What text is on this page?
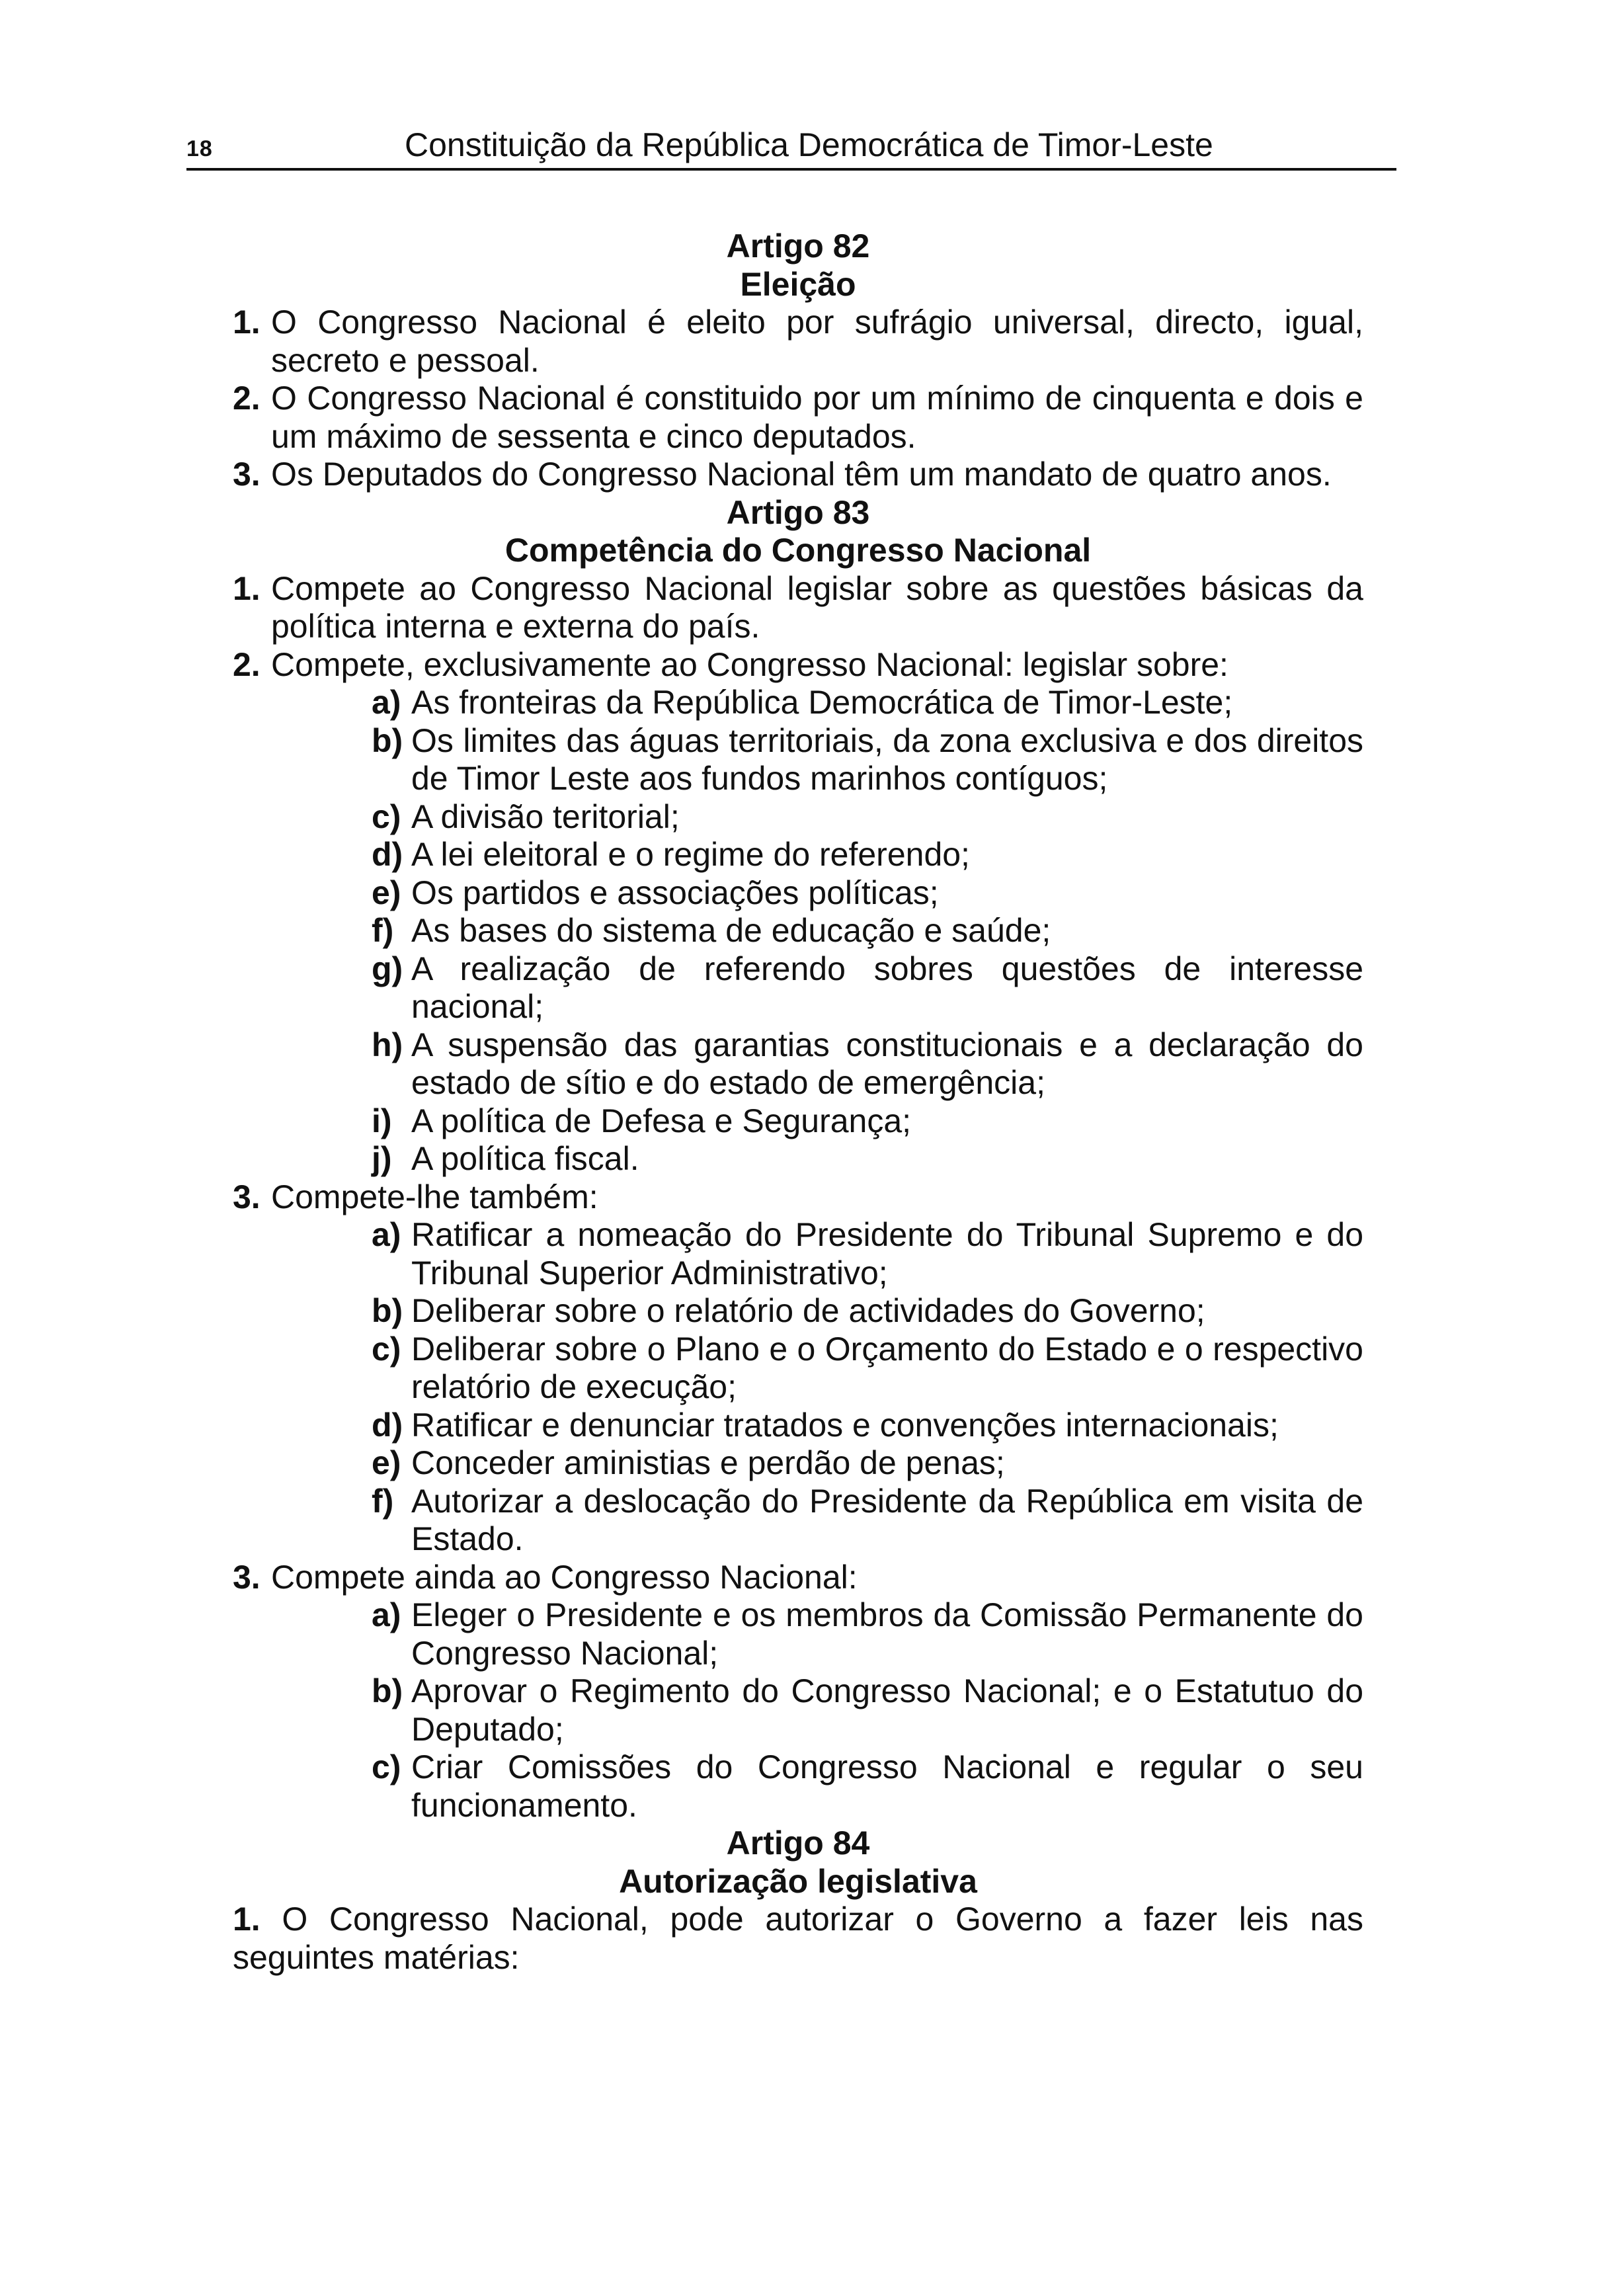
18	Constituição da República Democrática de Timor-Leste
Artigo 82
Eleição
1. O Congresso Nacional é eleito por sufrágio universal, directo, igual, secreto e pessoal.
2. O Congresso Nacional é constituido por um mínimo de cinquenta e dois e um máximo de sessenta e cinco deputados.
3. Os Deputados do Congresso Nacional têm um mandato de quatro anos.
Artigo 83
Competência do Congresso Nacional
1. Compete ao Congresso Nacional legislar sobre as questões básicas da política interna e externa do país.
2. Compete, exclusivamente ao Congresso Nacional: legislar sobre:
a) As fronteiras da República Democrática de Timor-Leste;
b) Os limites das águas territoriais, da zona exclusiva e dos direitos de Timor Leste aos fundos marinhos contíguos;
c) A divisão teritorial;
d) A lei eleitoral e o regime do referendo;
e) Os partidos e associações políticas;
f) As bases do sistema de educação e saúde;
g) A realização de referendo sobres questões de interesse nacional;
h) A suspensão das garantias constitucionais e a declaração do estado de sítio e do estado de emergência;
i) A política de Defesa e Segurança;
j) A política fiscal.
3. Compete-lhe também:
a) Ratificar a nomeação do Presidente do Tribunal Supremo e do Tribunal Superior Administrativo;
b) Deliberar sobre o relatório de actividades do Governo;
c) Deliberar sobre o Plano e o Orçamento do Estado e o respectivo relatório de execução;
d) Ratificar e denunciar tratados e convenções internacionais;
e) Conceder aministias e perdão de penas;
f) Autorizar a deslocação do Presidente da República em visita de Estado.
3. Compete ainda ao Congresso Nacional:
a) Eleger o Presidente e os membros da Comissão Permanente do Congresso Nacional;
b) Aprovar o Regimento do Congresso Nacional; e o Estatutuo do Deputado;
c) Criar Comissões do Congresso Nacional e regular o seu funcionamento.
Artigo 84
Autorização legislativa
1. O Congresso Nacional, pode autorizar o Governo a fazer leis nas seguintes matérias:
